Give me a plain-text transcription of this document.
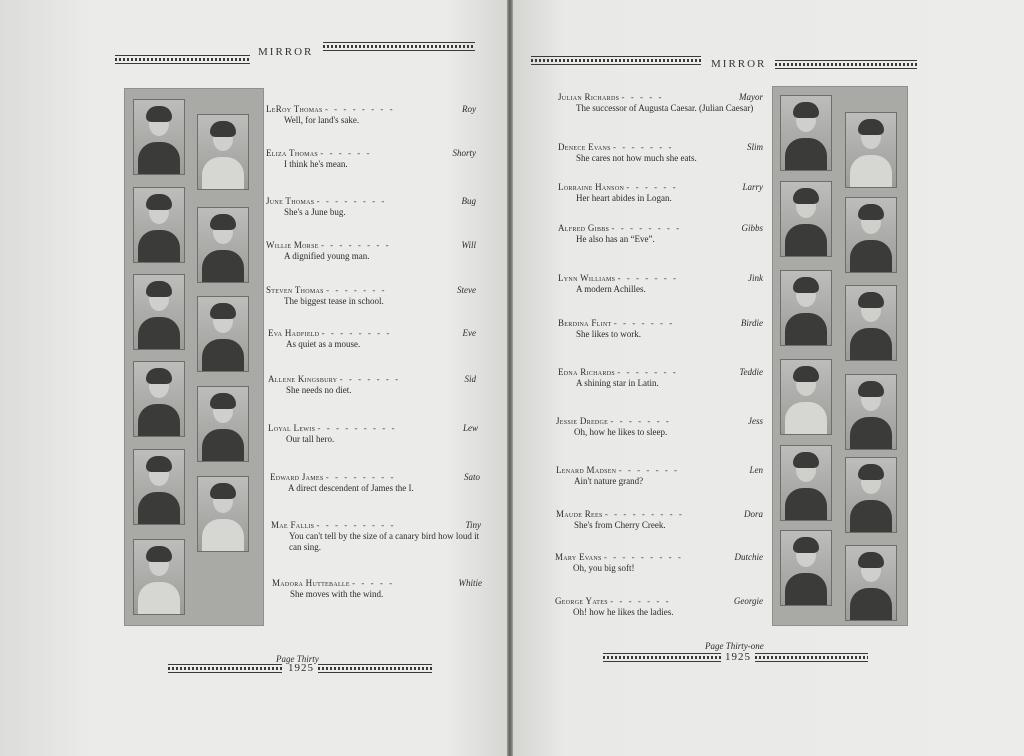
MIRROR
LeRoy Thomas - - - - - - - -	Roy
Well, for land's sake.
Eliza Thomas - - - - - -	Shorty
I think he's mean.
June Thomas - - - - - - - -	Bug
She's a June bug.
Willie Morse - - - - - - - -	Will
A dignified young man.
Steven Thomas - - - - - - -	Steve
The biggest tease in school.
Eva Hadfield - - - - - - - -	Eve
As quiet as a mouse.
Allene Kingsbury - - - - - - -	Sid
She needs no diet.
Loyal Lewis - - - - - - - - -	Lew
Our tall hero.
Edward James - - - - - - - -	Sato
A direct descendent of James the I.
Mae Fallis - - - - - - - - -	Tiny
You can't tell by the size of a canary bird how loud it can sing.
Madora Hutteballe - - - - -	Whitie
She moves with the wind.
Page Thirty
1925
MIRROR
Julian Richards - - - - -	Mayor
The successor of Augusta Caesar. (Julian Caesar)
Denece Evans - - - - - - -	Slim
She cares not how much she eats.
Lorraine Hanson - - - - - -	Larry
Her heart abides in Logan.
Alfred Gibbs - - - - - - - -	Gibbs
He also has an “Eve”.
Lynn Williams - - - - - - -	Jink
A modern Achilles.
Berdina Flint - - - - - - -	Birdie
She likes to work.
Edna Richards - - - - - - -	Teddie
A shining star in Latin.
Jessie Dredge - - - - - - -	Jess
Oh, how he likes to sleep.
Lenard Madsen - - - - - - -	Len
Ain't nature grand?
Maude Rees - - - - - - - - -	Dora
She's from Cherry Creek.
Mary Evans - - - - - - - - -	Dutchie
Oh, you big soft!
George Yates - - - - - - -	Georgie
Oh! how he likes the ladies.
Page Thirty-one
1925
